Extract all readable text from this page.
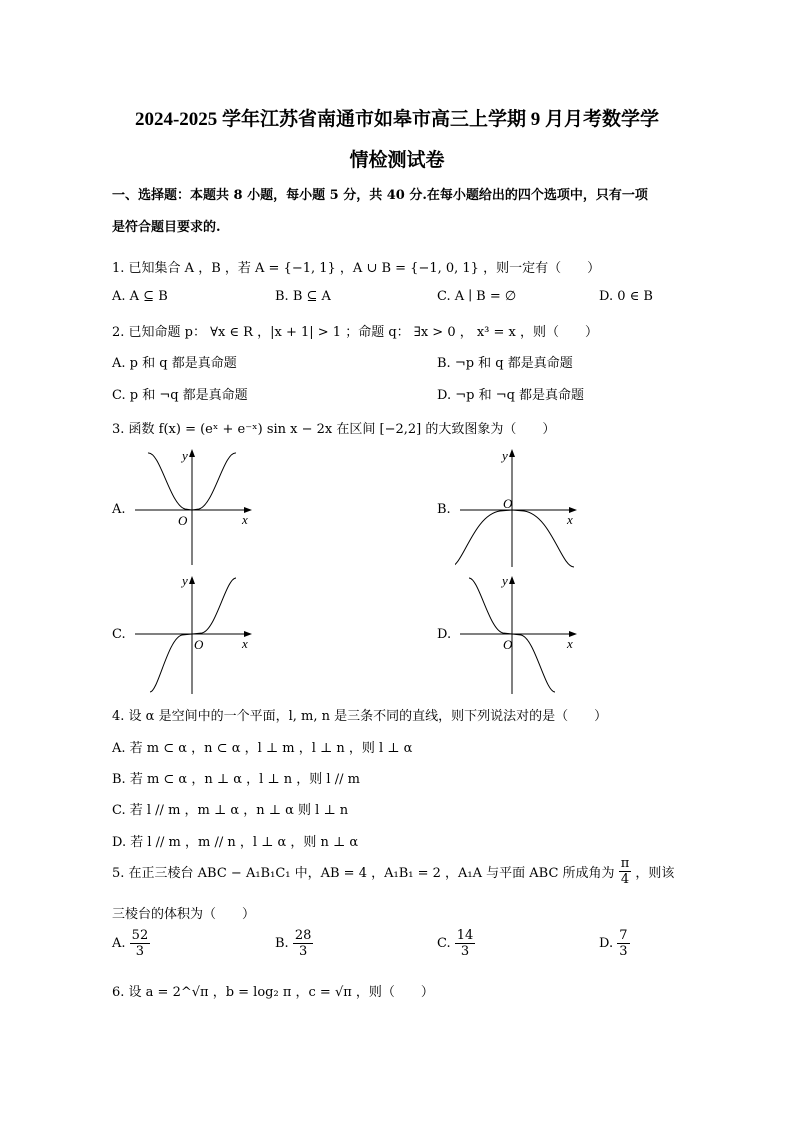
2024-2025 学年江苏省南通市如皋市高三上学期 9 月月考数学学
情检测试卷
一、选择题：本题共 8 小题，每小题 5 分，共 40 分.在每小题给出的四个选项中，只有一项
是符合题目要求的.
1. 已知集合 A ，B ，若 A = {−1, 1} ，A ∪ B = {−1, 0, 1} ，则一定有（　　）
A. A ⊆ B	B. B ⊆ A	C. A ∣ B = ∅	D. 0 ∈ B
2. 已知命题 p： ∀x ∈ R ，|x + 1| > 1 ；命题 q： ∃x > 0 ， x³ = x ，则（　　）
A. p 和 q 都是真命题	B. ¬p 和 q 都是真命题
C. p 和 ¬q 都是真命题	D. ¬p 和 ¬q 都是真命题
3. 函数 f(x) = (eˣ + e⁻ˣ) sin x − 2x 在区间 [−2,2] 的大致图象为（　　）
A.
x
y
O
B.
x
y
O
C.
x
y
O
D.
x
y
O
4. 设 α 是空间中的一个平面，l, m, n 是三条不同的直线，则下列说法对的是（　　）
A. 若 m ⊂ α ，n ⊂ α ，l ⊥ m ，l ⊥ n ，则 l ⊥ α
B. 若 m ⊂ α ，n ⊥ α ，l ⊥ n ，则 l // m
C. 若 l // m ，m ⊥ α ，n ⊥ α 则 l ⊥ n
D. 若 l // m ，m // n ，l ⊥ α ，则 n ⊥ α
5. 在正三棱台 ABC − A₁B₁C₁ 中，AB = 4 ，A₁B₁ = 2 ，A₁A 与平面 ABC 所成角为 $\frac{\pi}{4}$ ，则该
三棱台的体积为（　　）
A. $\frac{52}{3}$	B. $\frac{28}{3}$	C. $\frac{14}{3}$	D. $\frac{7}{3}$
6. 设 a = 2^√π ，b = log₂ π ，c = √π ，则（　　）
